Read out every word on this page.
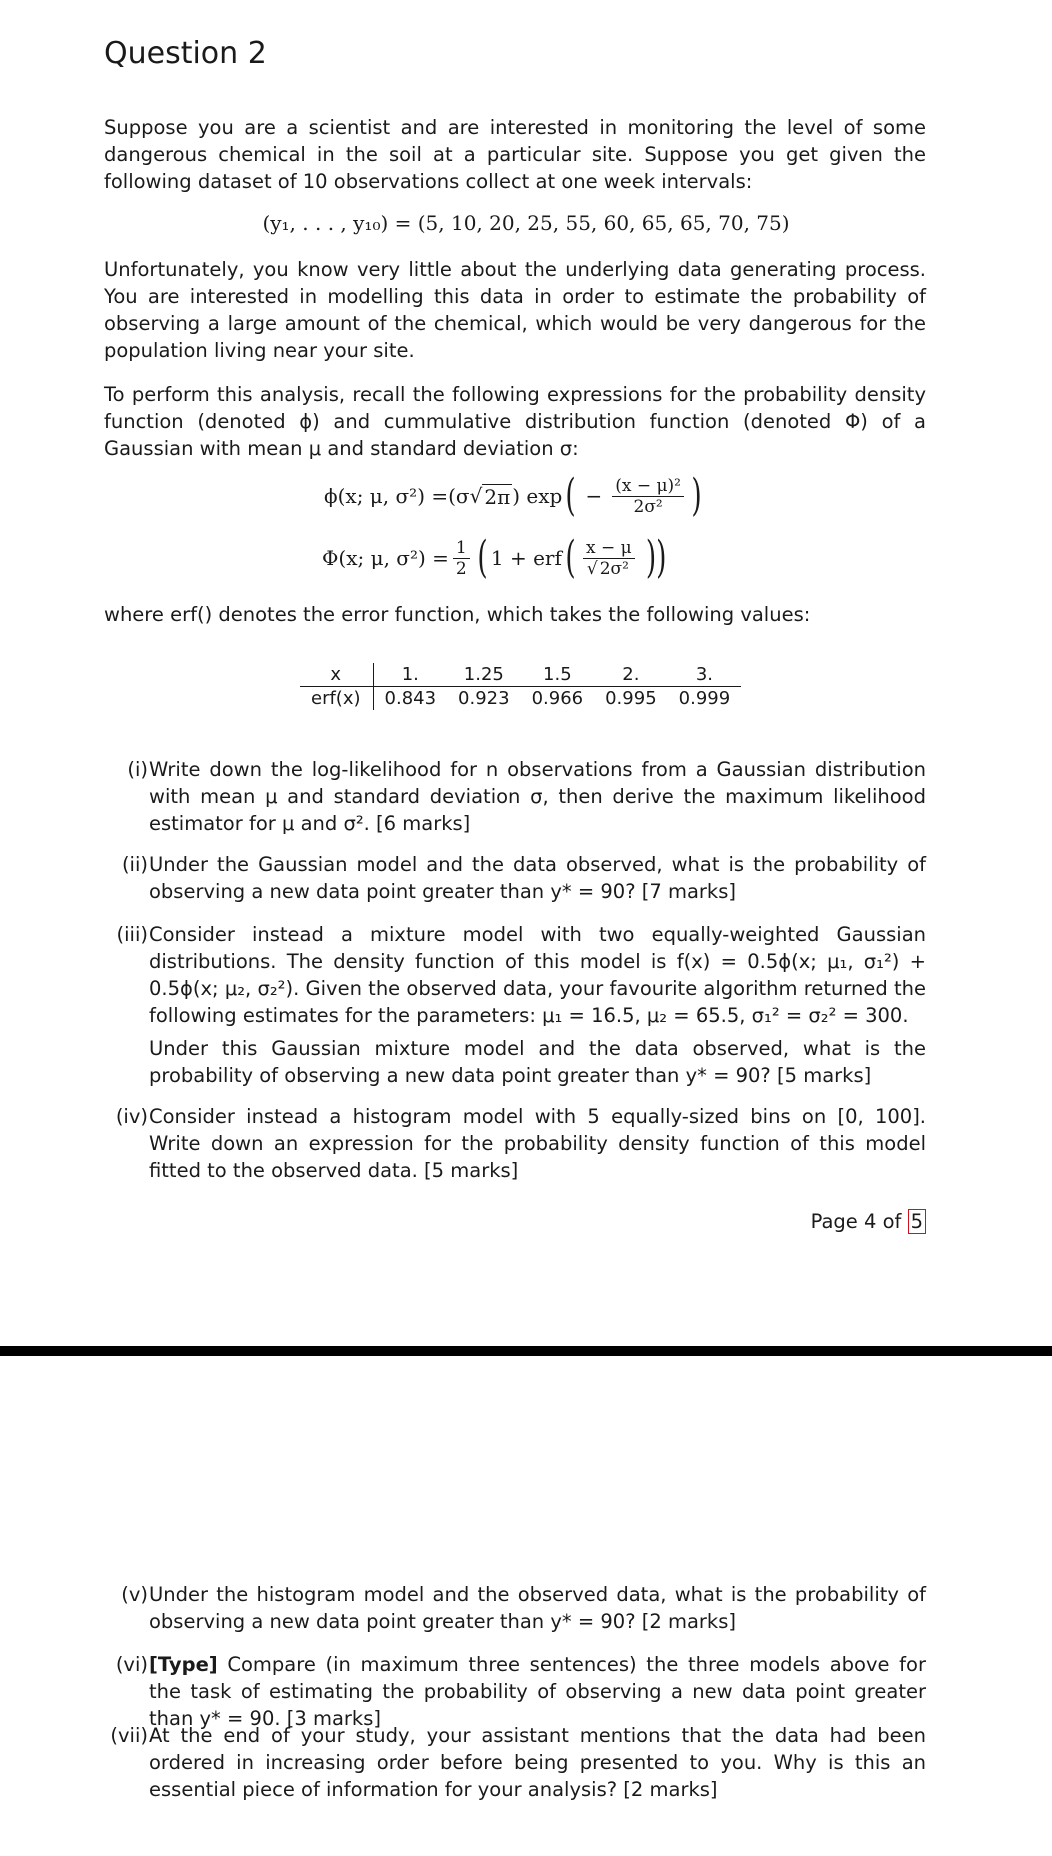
Question 2
Suppose you are a scientist and are interested in monitoring the level of some dangerous chemical in the soil at a particular site. Suppose you get given the following dataset of 10 observations collect at one week intervals:
(y₁, . . . , y₁₀) = (5, 10, 20, 25, 55, 60, 65, 65, 70, 75)
Unfortunately, you know very little about the underlying data generating process. You are interested in modelling this data in order to estimate the probability of observing a large amount of the chemical, which would be very dangerous for the population living near your site.
To perform this analysis, recall the following expressions for the probability density function (denoted ϕ) and cummulative distribution function (denoted Φ) of a Gaussian with mean μ and standard deviation σ:
ϕ(x; μ, σ²) = (σ √ 2π ) exp ( − $\frac{\text{(x − μ)²}}{\text{2σ²}}$ )
Φ(x; μ, $\sigma^2) = \frac{1}{2}$ ( 1 + erf ( $\frac{x - \mu}{\text{√ 2σ²}}$ ))
where erf() denotes the error function, which takes the following values:
x	1.	1.25	1.5	2.	3.
erf(x)	0.843	0.923	0.966	0.995	0.999
(i) Write down the log-likelihood for n observations from a Gaussian distribution with mean μ and standard deviation σ, then derive the maximum likelihood estimator for μ and σ². [6 marks]
(ii) Under the Gaussian model and the data observed, what is the probability of observing a new data point greater than y* = 90? [7 marks]
(iii) Consider instead a mixture model with two equally-weighted Gaussian distributions. The density function of this model is f(x) = 0.5ϕ(x; μ₁, σ₁²) + 0.5ϕ(x; μ₂, σ₂²). Given the observed data, your favourite algorithm returned the following estimates for the parameters: μ₁ = 16.5, μ₂ = 65.5, σ₁² = σ₂² = 300.
Under this Gaussian mixture model and the data observed, what is the probability of observing a new data point greater than y* = 90? [5 marks]
(iv) Consider instead a histogram model with 5 equally-sized bins on [0, 100]. Write down an expression for the probability density function of this model fitted to the observed data. [5 marks]
Page 4 of 5
(v) Under the histogram model and the observed data, what is the probability of observing a new data point greater than y* = 90? [2 marks]
(vi) [Type] Compare (in maximum three sentences) the three models above for the task of estimating the probability of observing a new data point greater than y* = 90. [3 marks]
(vii) At the end of your study, your assistant mentions that the data had been ordered in increasing order before being presented to you. Why is this an essential piece of information for your analysis? [2 marks]
